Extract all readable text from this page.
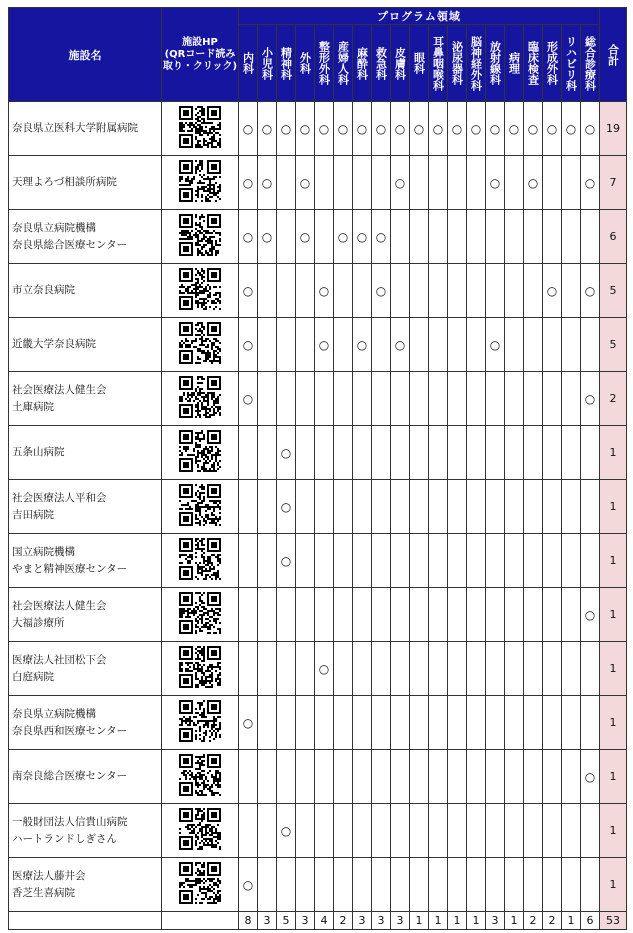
施設名	施設HP
(QRコード読み取り・クリック)	プログラム領域																			合計

		内科	小児科	精神科	外科	整形外科	産婦人科	麻酔科	救急科	皮膚科	眼科	耳鼻咽喉科	泌尿器科	脳神経外科	放射線科	病理	臨床検査	形成外科	リハビリ科	総合診療科	

奈良県立医科大学附属病院		○	○	○	○	○	○	○	○	○	○	○	○	○	○	○	○	○	○	○	19
天理よろづ相談所病院		○	○		○					○					○		○			○	7
奈良県立病院機構
奈良県総合医療センター		○	○		○		○	○	○												6
市立奈良病院		○				○			○									○		○	5
近畿大学奈良病院		○				○		○		○					○						5
社会医療法人健生会
土庫病院		○																		○	2
五条山病院				○																	1
社会医療法人平和会
吉田病院				○																	1
国立病院機構
やまと精神医療センター				○																	1
社会医療法人健生会
大福診療所																				○	1
医療法人社団松下会
白庭病院						○															1
奈良県立病院機構
奈良県西和医療センター		○																			1
南奈良総合医療センター																				○	1
一般財団法人信貴山病院
ハートランドしぎさん				○																	1
医療法人藤井会
香芝生喜病院		○																			1
		8	3	5	3	4	2	3	3	3	1	1	1	1	3	1	2	2	1	6	53
